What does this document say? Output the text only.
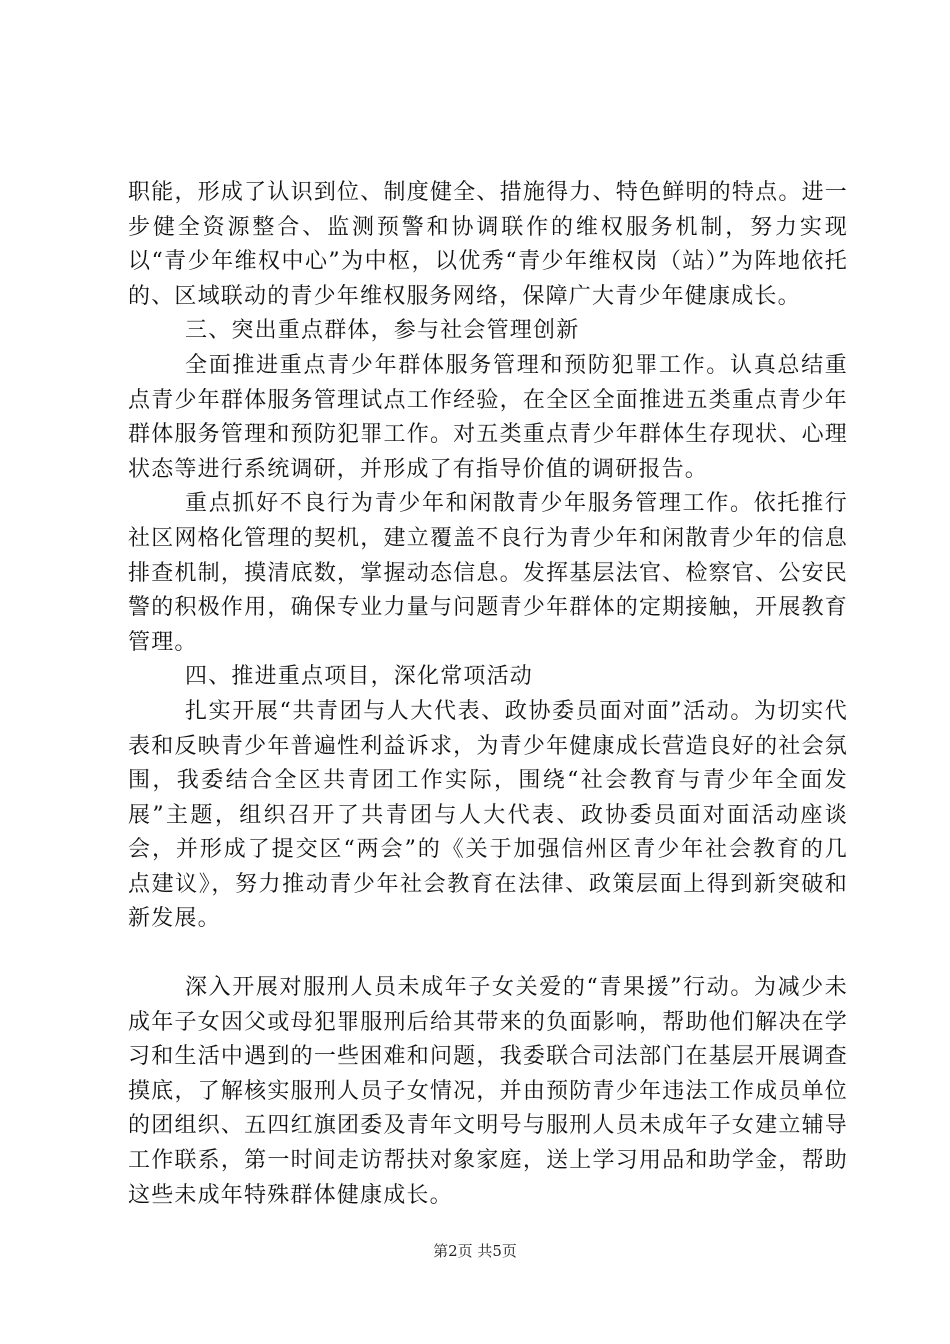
职能，形成了认识到位、制度健全、措施得力、特色鲜明的特点。进一步健全资源整合、监测预警和协调联作的维权服务机制，努力实现以“青少年维权中心”为中枢，以优秀“青少年维权岗（站）”为阵地依托的、区域联动的青少年维权服务网络，保障广大青少年健康成长。

三、突出重点群体，参与社会管理创新

全面推进重点青少年群体服务管理和预防犯罪工作。认真总结重点青少年群体服务管理试点工作经验，在全区全面推进五类重点青少年群体服务管理和预防犯罪工作。对五类重点青少年群体生存现状、心理状态等进行系统调研，并形成了有指导价值的调研报告。

重点抓好不良行为青少年和闲散青少年服务管理工作。依托推行社区网格化管理的契机，建立覆盖不良行为青少年和闲散青少年的信息排查机制，摸清底数，掌握动态信息。发挥基层法官、检察官、公安民警的积极作用，确保专业力量与问题青少年群体的定期接触，开展教育管理。

四、推进重点项目，深化常项活动

扎实开展“共青团与人大代表、政协委员面对面”活动。为切实代表和反映青少年普遍性利益诉求，为青少年健康成长营造良好的社会氛围，我委结合全区共青团工作实际，围绕“社会教育与青少年全面发展”主题，组织召开了共青团与人大代表、政协委员面对面活动座谈会，并形成了提交区“两会”的《关于加强信州区青少年社会教育的几点建议》，努力推动青少年社会教育在法律、政策层面上得到新突破和新发展。

深入开展对服刑人员未成年子女关爱的“青果援”行动。为减少未成年子女因父或母犯罪服刑后给其带来的负面影响，帮助他们解决在学习和生活中遇到的一些困难和问题，我委联合司法部门在基层开展调查摸底，了解核实服刑人员子女情况，并由预防青少年违法工作成员单位的团组织、五四红旗团委及青年文明号与服刑人员未成年子女建立辅导工作联系，第一时间走访帮扶对象家庭，送上学习用品和助学金，帮助这些未成年特殊群体健康成长。

第2页 共5页
